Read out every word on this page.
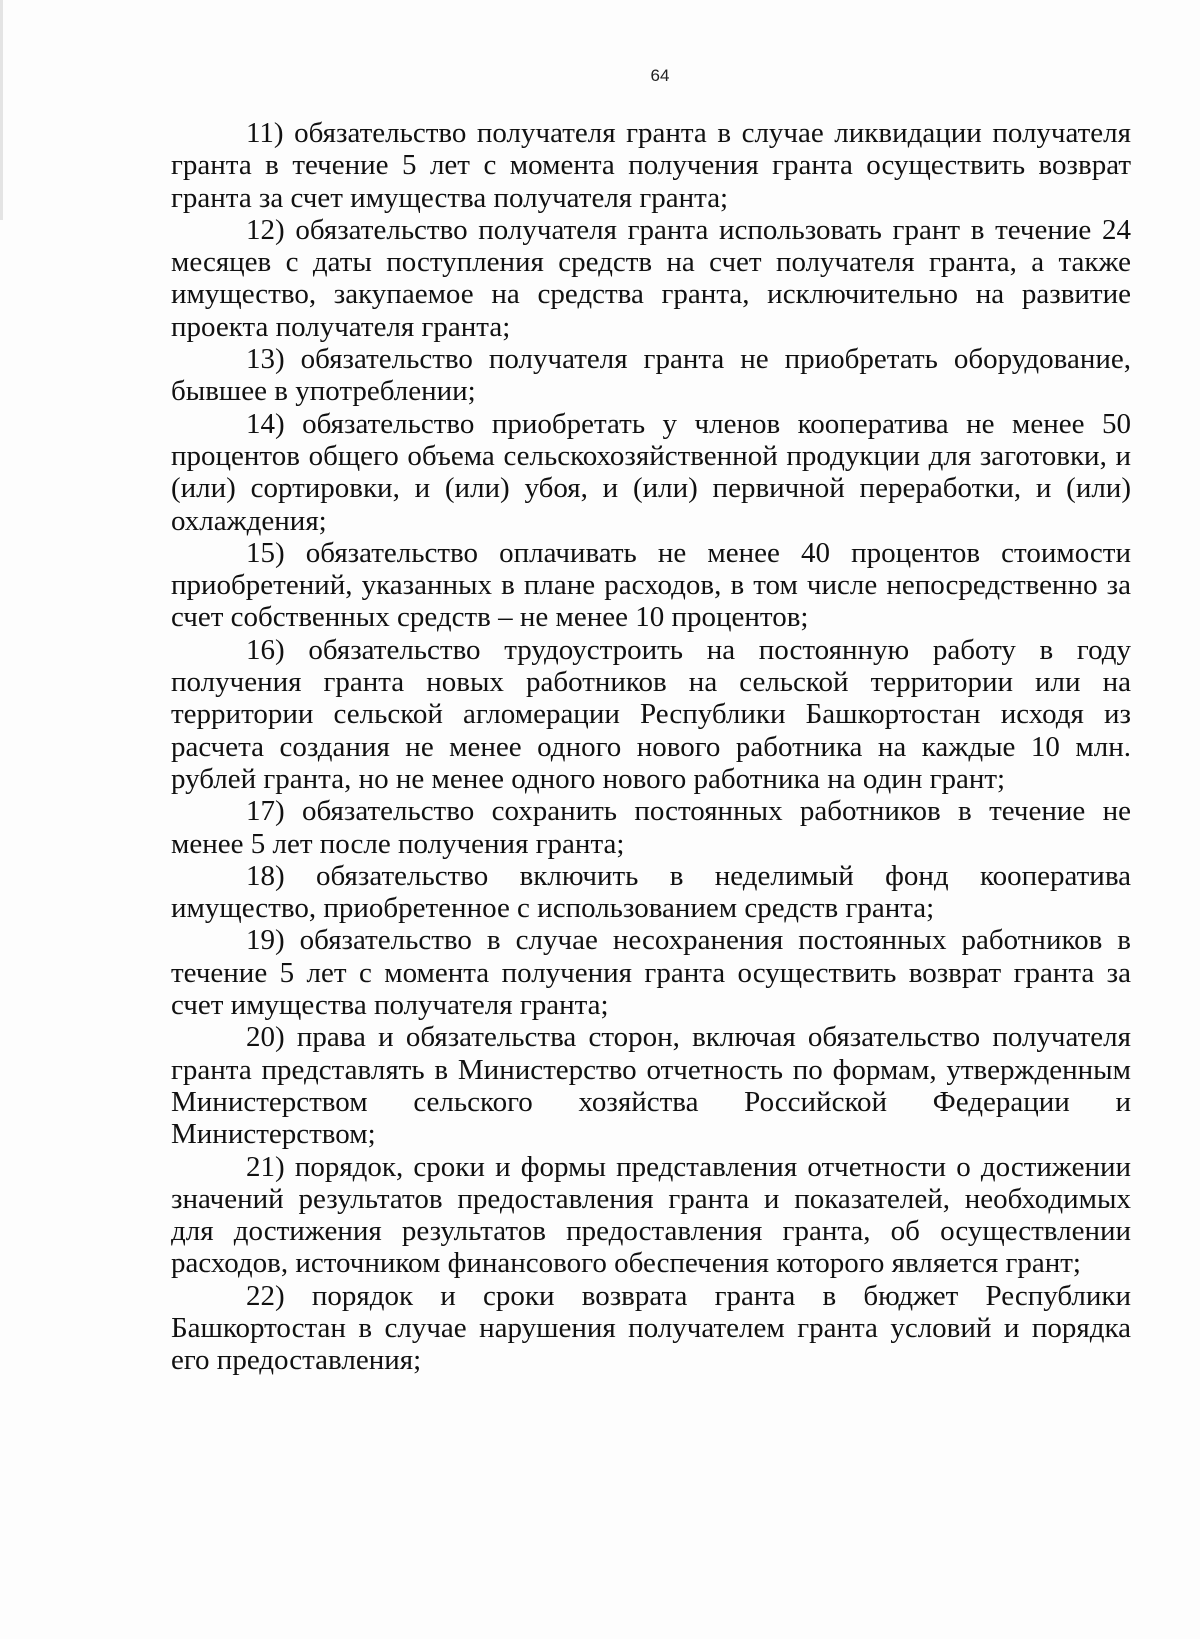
64

11) обязательство получателя гранта в случае ликвидации получателя гранта в течение 5 лет с момента получения гранта осуществить возврат гранта за счет имущества получателя гранта;

12) обязательство получателя гранта использовать грант в течение 24 месяцев с даты поступления средств на счет получателя гранта, а также имущество, закупаемое на средства гранта, исключительно на развитие проекта получателя гранта;

13) обязательство получателя гранта не приобретать оборудование, бывшее в употреблении;

14) обязательство приобретать у членов кооператива не менее 50 процентов общего объема сельскохозяйственной продукции для заготовки, и (или) сортировки, и (или) убоя, и (или) первичной переработки, и (или) охлаждения;

15) обязательство оплачивать не менее 40 процентов стоимости приобретений, указанных в плане расходов, в том числе непосредственно за счет собственных средств – не менее 10 процентов;

16) обязательство трудоустроить на постоянную работу в году получения гранта новых работников на сельской территории или на территории сельской агломерации Республики Башкортостан исходя из расчета создания не менее одного нового работника на каждые 10 млн. рублей гранта, но не менее одного нового работника на один грант;

17) обязательство сохранить постоянных работников в течение не менее 5 лет после получения гранта;

18) обязательство включить в неделимый фонд кооператива имущество, приобретенное с использованием средств гранта;

19) обязательство в случае несохранения постоянных работников в течение 5 лет с момента получения гранта осуществить возврат гранта за счет имущества получателя гранта;

20) права и обязательства сторон, включая обязательство получателя гранта представлять в Министерство отчетность по формам, утвержденным Министерством сельского хозяйства Российской Федерации и Министерством;

21) порядок, сроки и формы представления отчетности о достижении значений результатов предоставления гранта и показателей, необходимых для достижения результатов предоставления гранта, об осуществлении расходов, источником финансового обеспечения которого является грант;

22) порядок и сроки возврата гранта в бюджет Республики Башкортостан в случае нарушения получателем гранта условий и порядка его предоставления;
